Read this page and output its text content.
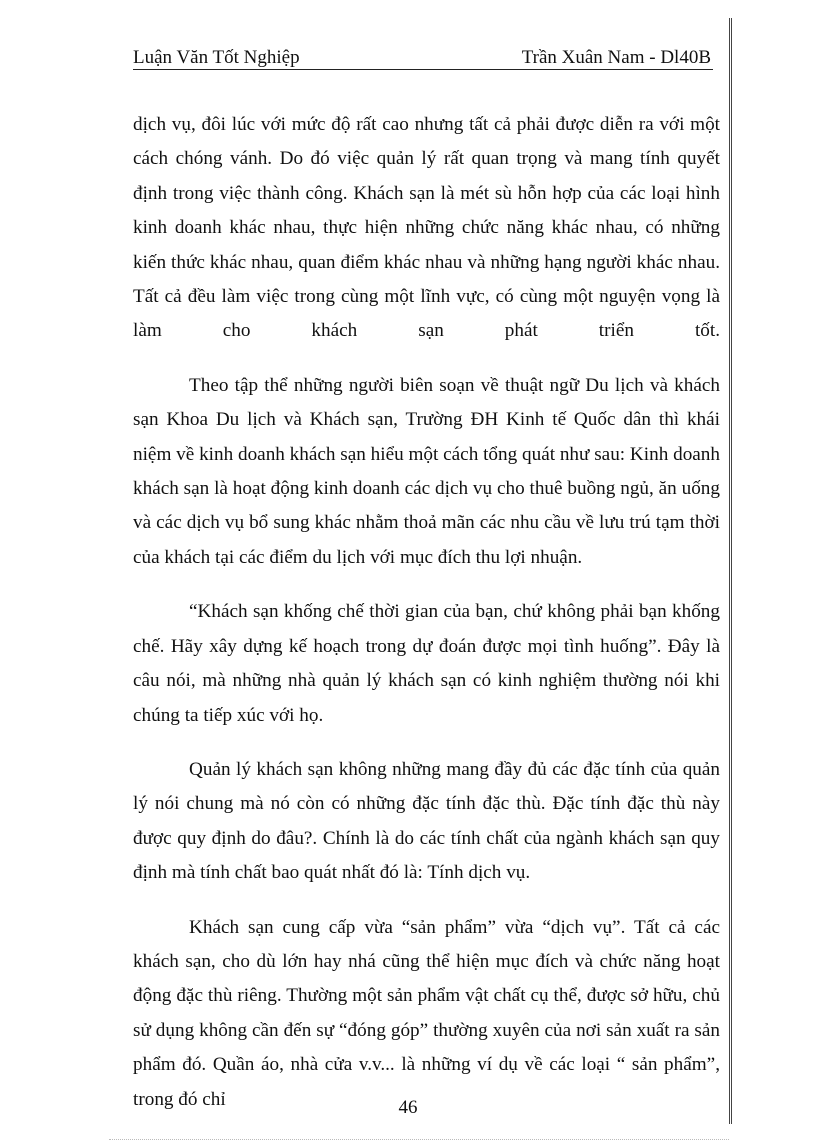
Luận Văn Tốt Nghiệp	Trần Xuân Nam - Dl40B

dịch vụ, đôi lúc với mức độ rất cao nhưng tất cả phải được diễn ra với một cách chóng vánh. Do đó việc quản lý rất quan trọng và mang tính quyết định trong việc thành công. Khách sạn là mét sù hỗn hợp của các loại hình kinh doanh khác nhau, thực hiện những chức năng khác nhau, có những kiến thức khác nhau, quan điểm khác nhau và những hạng người khác nhau. Tất cả đều làm việc trong cùng một lĩnh vực, có cùng một nguyện vọng là làm cho khách sạn phát triển tốt.

Theo tập thể những người biên soạn về thuật ngữ Du lịch và khách sạn Khoa Du lịch và Khách sạn, Trường ĐH Kinh tế Quốc dân thì khái niệm về kinh doanh khách sạn hiểu một cách tổng quát như sau: Kinh doanh khách sạn là hoạt động kinh doanh các dịch vụ cho thuê buồng ngủ, ăn uống và các dịch vụ bổ sung khác nhằm thoả mãn các nhu cầu về lưu trú tạm thời của khách tại các điểm du lịch với mục đích thu lợi nhuận.

“Khách sạn khống chế thời gian của bạn, chứ không phải bạn khống chế. Hãy xây dựng kế hoạch trong dự đoán được mọi tình huống”. Đây là câu nói, mà những nhà quản lý khách sạn có kinh nghiệm thường nói khi chúng ta tiếp xúc với họ.

Quản lý khách sạn không những mang đầy đủ các đặc tính của quản lý nói chung mà nó còn có những đặc tính đặc thù. Đặc tính đặc thù này được quy định do đâu?. Chính là do các tính chất của ngành khách sạn quy định mà tính chất bao quát nhất đó là: Tính dịch vụ.

Khách sạn cung cấp vừa “sản phẩm” vừa “dịch vụ”. Tất cả các khách sạn, cho dù lớn hay nhá cũng thể hiện mục đích và chức năng hoạt động đặc thù riêng. Thường một sản phẩm vật chất cụ thể, được sở hữu, chủ sử dụng không cần đến sự “đóng góp” thường xuyên của nơi sản xuất ra sản phẩm đó. Quần áo, nhà cửa v.v... là những ví dụ về các loại “ sản phẩm”, trong đó chỉ	46
